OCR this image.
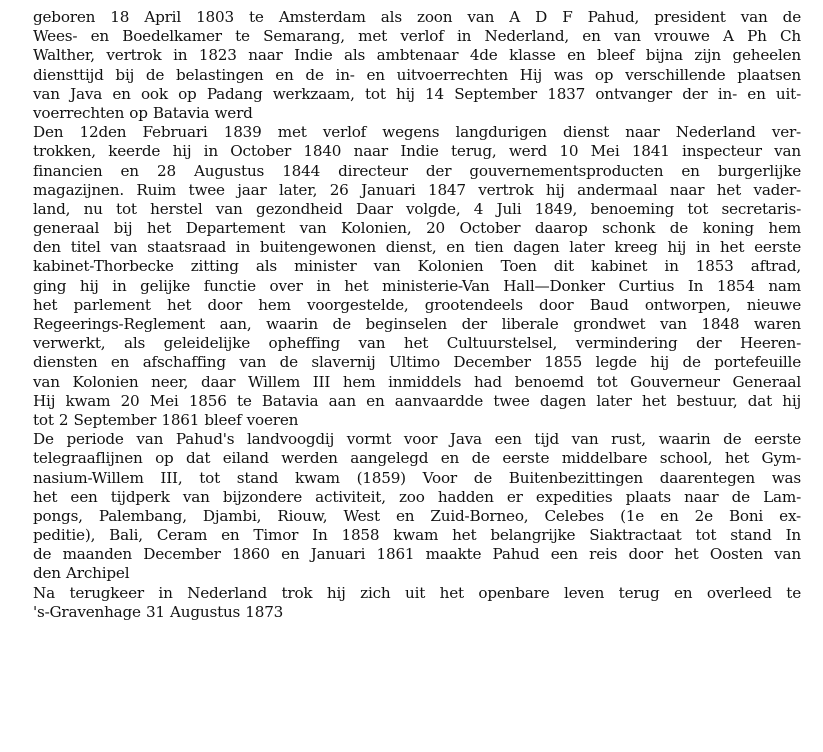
geboren 18 April 1803 te Amsterdam als zoon van A D F Pahud, president van de
Wees- en Boedelkamer te Semarang, met verlof in Nederland, en van vrouwe A Ph Ch
Walther, vertrok in 1823 naar Indie als ambtenaar 4de klasse en bleef bijna zijn geheelen
diensttijd bij de belastingen en de in- en uitvoerrechten Hij was op verschillende plaatsen
van Java en ook op Padang werkzaam, tot hij 14 September 1837 ontvanger der in- en uit-
voerrechten op Batavia werd
Den 12den Februari 1839 met verlof wegens langdurigen dienst naar Nederland ver-
trokken, keerde hij in October 1840 naar Indie terug, werd 10 Mei 1841 inspecteur van
financien en 28 Augustus 1844 directeur der gouvernementsproducten en burgerlijke
magazijnen. Ruim twee jaar later, 26 Januari 1847 vertrok hij andermaal naar het vader-
land, nu tot herstel van gezondheid Daar volgde, 4 Juli 1849, benoeming tot secretaris-
generaal bij het Departement van Kolonien, 20 October daarop schonk de koning hem
den titel van staatsraad in buitengewonen dienst, en tien dagen later kreeg hij in het eerste
kabinet-Thorbecke zitting als minister van Kolonien Toen dit kabinet in 1853 aftrad,
ging hij in gelijke functie over in het ministerie-Van Hall—Donker Curtius In 1854 nam
het parlement het door hem voorgestelde, grootendeels door Baud ontworpen, nieuwe
Regeerings-Reglement aan, waarin de beginselen der liberale grondwet van 1848 waren
verwerkt, als geleidelijke opheffing van het Cultuurstelsel, vermindering der Heeren-
diensten en afschaffing van de slavernij Ultimo December 1855 legde hij de portefeuille
van Kolonien neer, daar Willem III hem inmiddels had benoemd tot Gouverneur Generaal
Hij kwam 20 Mei 1856 te Batavia aan en aanvaardde twee dagen later het bestuur, dat hij
tot 2 September 1861 bleef voeren
De periode van Pahud's landvoogdij vormt voor Java een tijd van rust, waarin de eerste
telegraaflijnen op dat eiland werden aangelegd en de eerste middelbare school, het Gym-
nasium-Willem III, tot stand kwam (1859) Voor de Buitenbezittingen daarentegen was
het een tijdperk van bijzondere activiteit, zoo hadden er expedities plaats naar de Lam-
pongs, Palembang, Djambi, Riouw, West en Zuid-Borneo, Celebes (1e en 2e Boni ex-
peditie), Bali, Ceram en Timor In 1858 kwam het belangrijke Siaktractaat tot stand In
de maanden December 1860 en Januari 1861 maakte Pahud een reis door het Oosten van
den Archipel
Na terugkeer in Nederland trok hij zich uit het openbare leven terug en overleed te
's-Gravenhage 31 Augustus 1873
